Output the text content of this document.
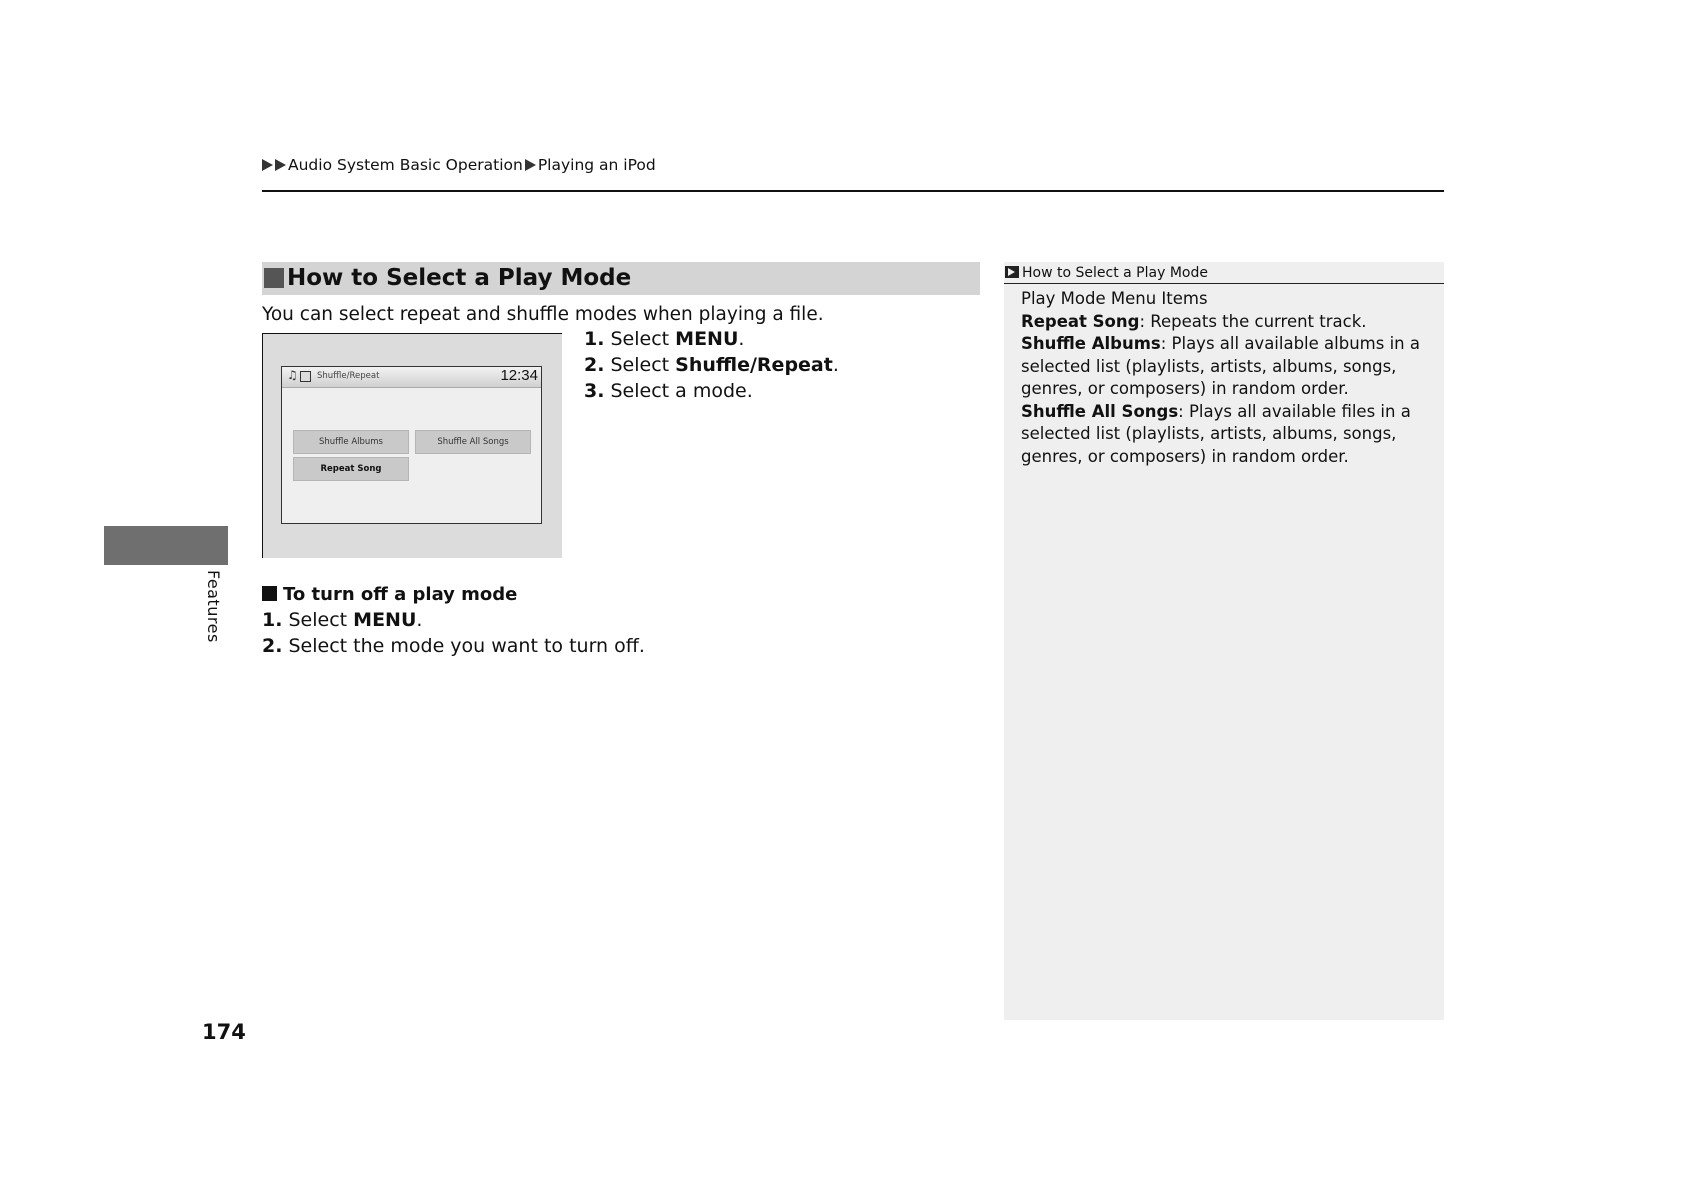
Audio System Basic Operation Playing an iPod
Features
How to Select a Play Mode
You can select repeat and shuffle modes when playing a file.
♫ Shuffle/Repeat	12:34
Shuffle Albums	Shuffle All Songs
Repeat Song
1. Select MENU.
2. Select Shuffle/Repeat.
3. Select a mode.
To turn off a play mode
1. Select MENU.
2. Select the mode you want to turn off.
How to Select a Play Mode

Play Mode Menu Items

Repeat Song: Repeats the current track.

Shuffle Albums: Plays all available albums in a selected list (playlists, artists, albums, songs, genres, or composers) in random order.

Shuffle All Songs: Plays all available files in a selected list (playlists, artists, albums, songs, genres, or composers) in random order.

174
